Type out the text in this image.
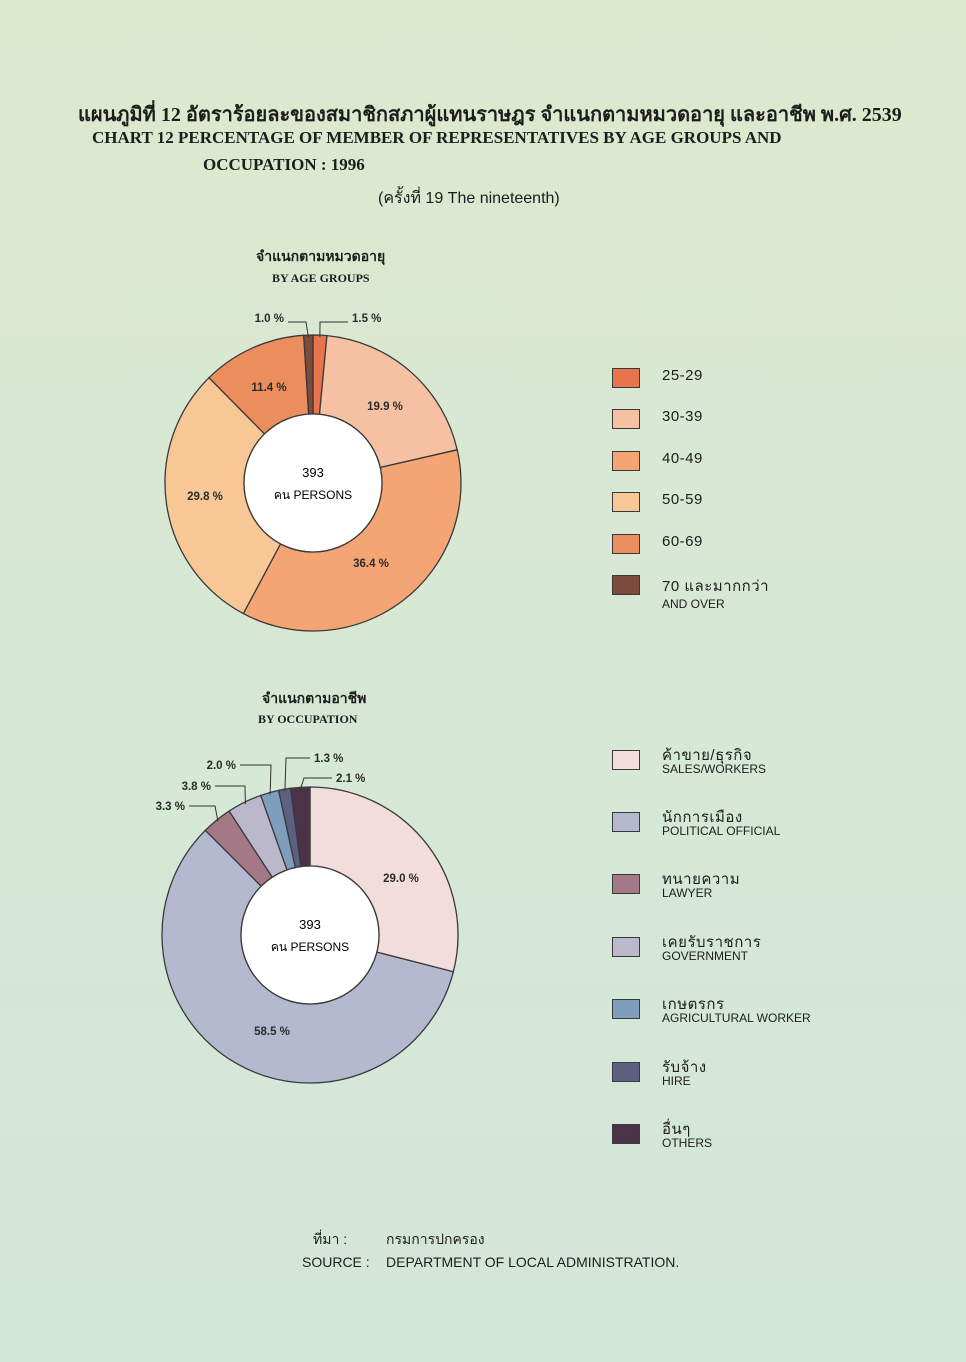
แผนภูมิที่ 12 อัตราร้อยละของสมาชิกสภาผู้แทนราษฎร จำแนกตามหมวดอายุ และอาชีพ พ.ศ. 2539
CHART 12 PERCENTAGE OF MEMBER OF REPRESENTATIVES BY AGE GROUPS AND
OCCUPATION : 1996
(ครั้งที่ 19 The nineteenth)
จำแนกตามหมวดอายุ
BY AGE GROUPS
จำแนกตามอาชีพ
BY OCCUPATION
393
คน PERSONS
19.9 %
36.4 %
29.8 %
11.4 %
1.5 %
1.0 %
393
คน PERSONS
29.0 %
58.5 %
3.3 %
3.8 %
2.0 %
1.3 %
2.1 %
25-29
30-39
40-49
50-59
60-69
70 และมากกว่า
AND OVER
ค้าขาย/ธุรกิจ
SALES/WORKERS
นักการเมือง
POLITICAL OFFICIAL
ทนายความ
LAWYER
เคยรับราชการ
GOVERNMENT
เกษตรกร
AGRICULTURAL WORKER
รับจ้าง
HIRE
อื่นๆ
OTHERS
ที่มา :	กรมการปกครอง
SOURCE : DEPARTMENT OF LOCAL ADMINISTRATION.
